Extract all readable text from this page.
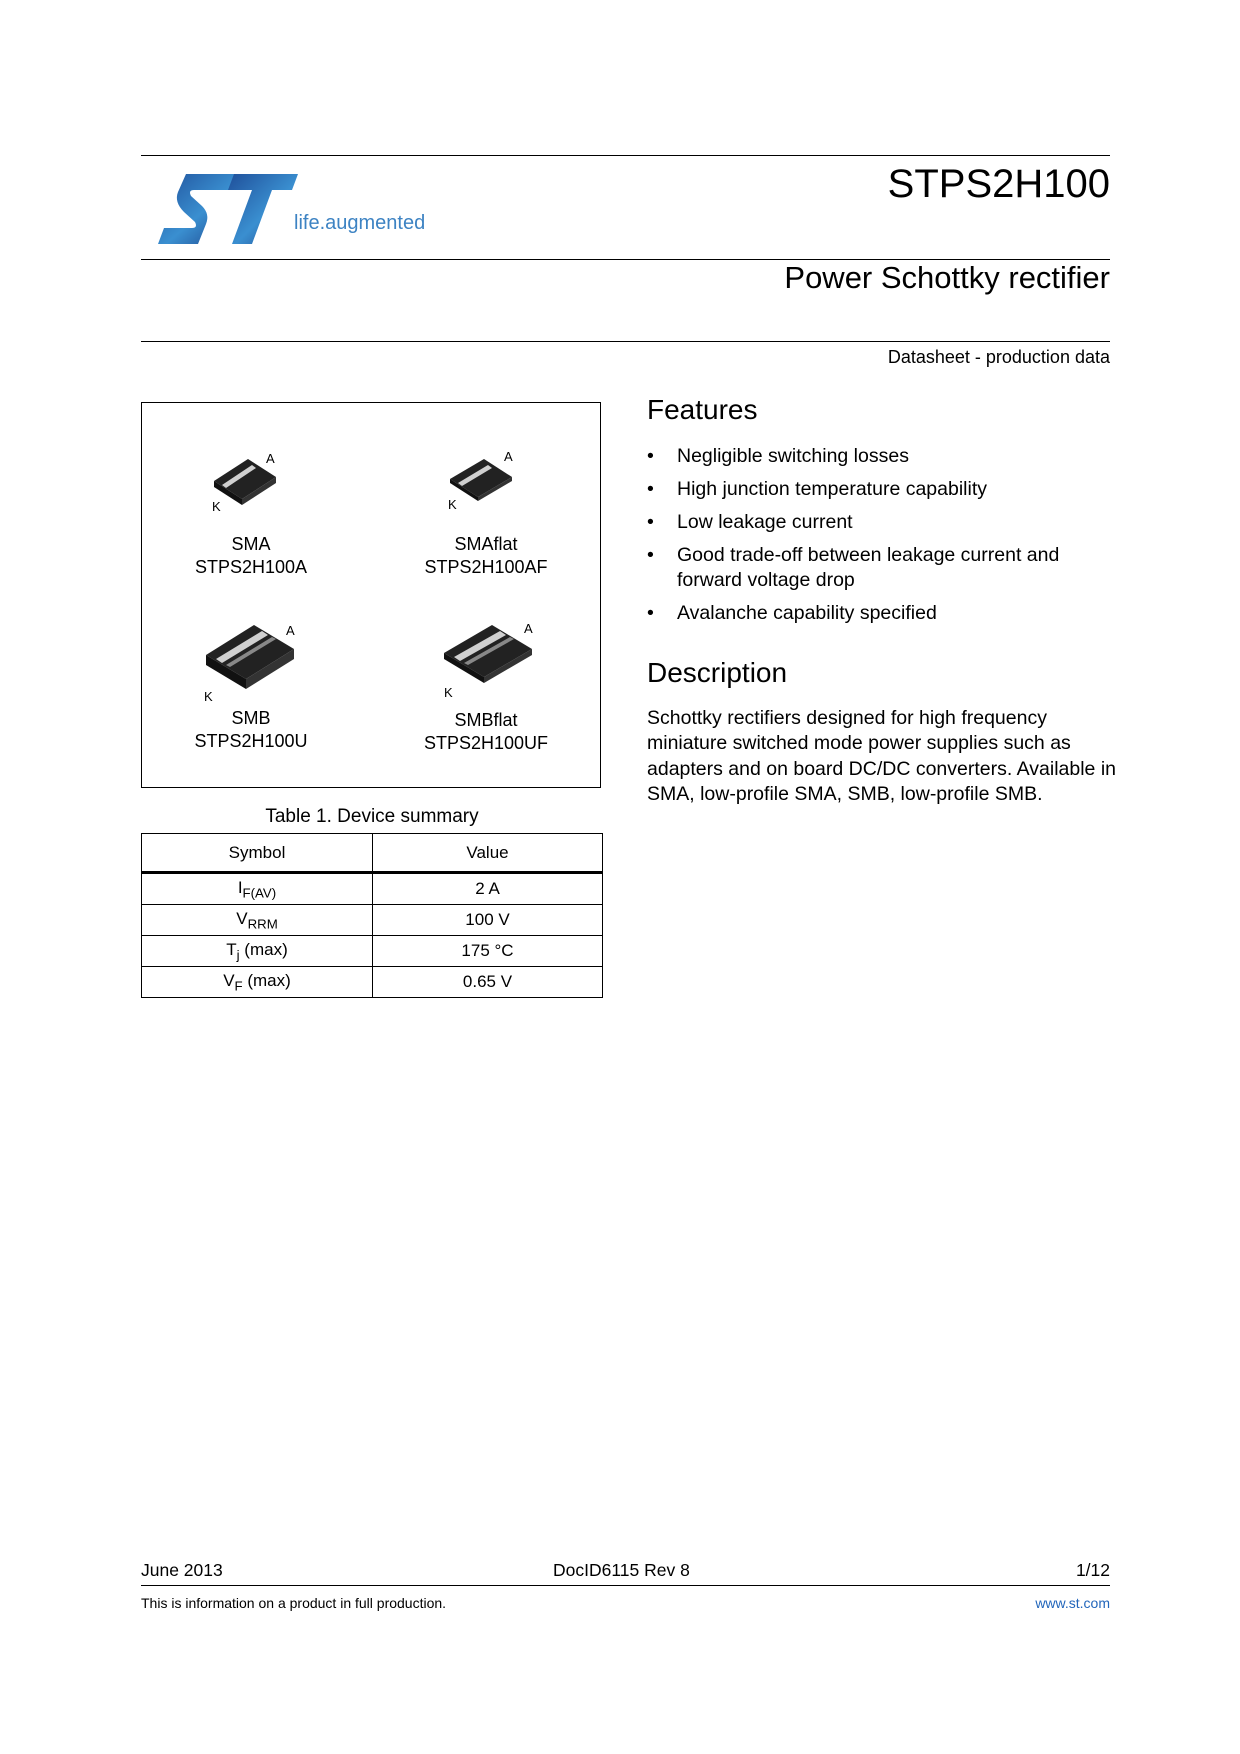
life.augmented
STPS2H100
Power Schottky rectifier
Datasheet - production data
A
K
SMA
STPS2H100A
A
K
SMAflat
STPS2H100AF
A
K
SMB
STPS2H100U
A
K
SMBflat
STPS2H100UF
Table 1. Device summary
Symbol	Value
$I_{F(AV)}$	2 A
$V_{RRM}$	100 V
$T_j$ (max)	175 °C
$V_F$ (max)	0.65 V
Features
• Negligible switching losses
• High junction temperature capability
• Low leakage current
• Good trade-off between leakage current and forward voltage drop
• Avalanche capability specified
Description
Schottky rectifiers designed for high frequency miniature switched mode power supplies such as adapters and on board DC/DC converters. Available in SMA, low-profile SMA, SMB, low-profile SMB.
June 2013	DocID6115 Rev 8	1/12
This is information on a product in full production.	www.st.com
